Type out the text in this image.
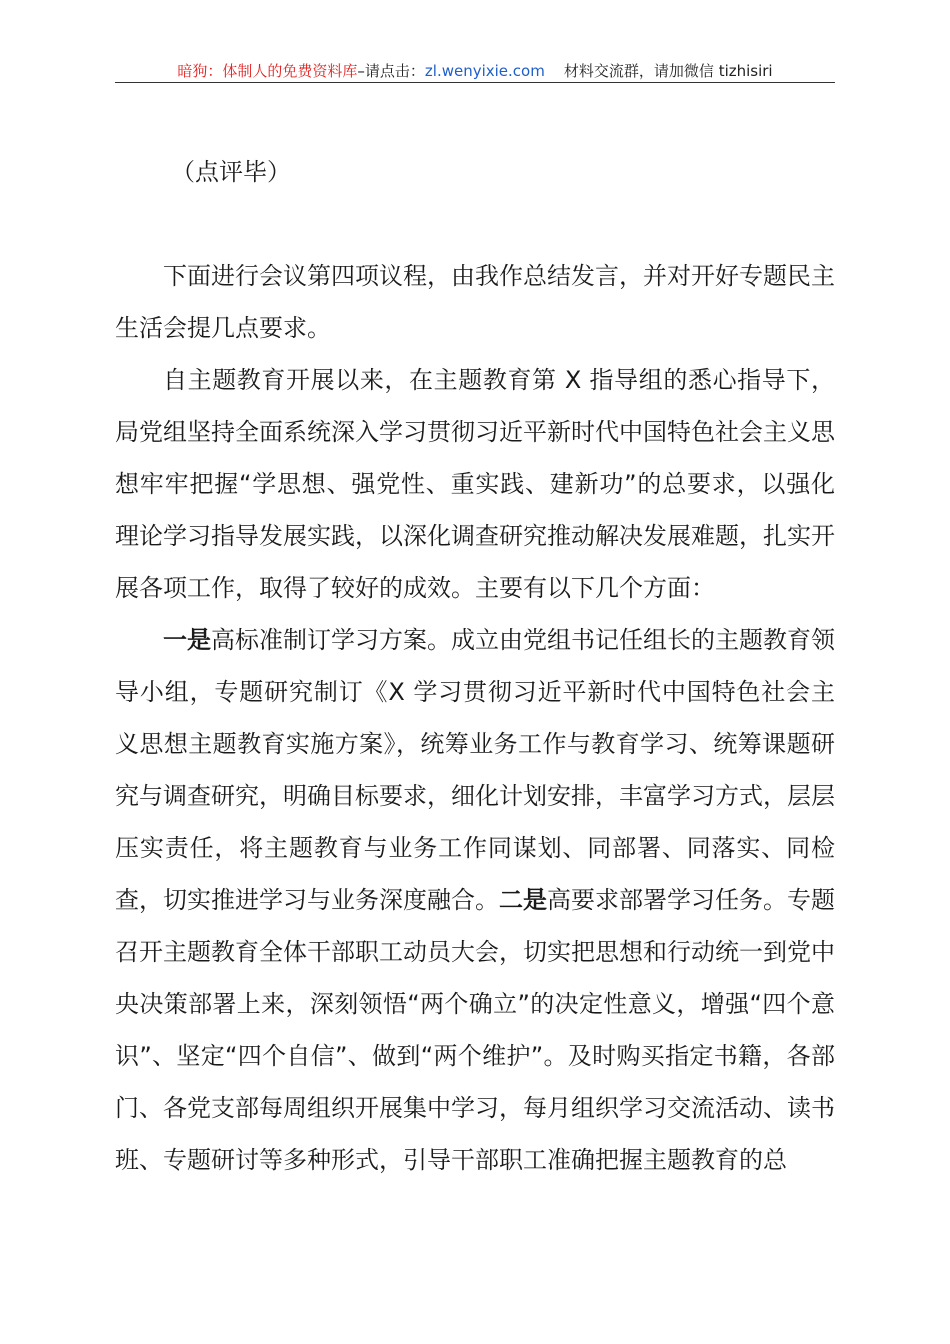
暗狗：体制人的免费资料库–请点击：zl.wenyixie.com 材料交流群，请加微信 tizhisiri

（点评毕）

下面进行会议第四项议程，由我作总结发言，并对开好专题民主生活会提几点要求。

自主题教育开展以来，在主题教育第 X 指导组的悉心指导下，局党组坚持全面系统深入学习贯彻习近平新时代中国特色社会主义思想牢牢把握“学思想、强党性、重实践、建新功”的总要求，以强化理论学习指导发展实践，以深化调查研究推动解决发展难题，扎实开展各项工作，取得了较好的成效。主要有以下几个方面：

一是高标准制订学习方案。成立由党组书记任组长的主题教育领导小组，专题研究制订《X 学习贯彻习近平新时代中国特色社会主义思想主题教育实施方案》，统筹业务工作与教育学习、统筹课题研究与调查研究，明确目标要求，细化计划安排，丰富学习方式，层层压实责任，将主题教育与业务工作同谋划、同部署、同落实、同检查，切实推进学习与业务深度融合。二是高要求部署学习任务。专题召开主题教育全体干部职工动员大会，切实把思想和行动统一到党中央决策部署上来，深刻领悟“两个确立”的决定性意义，增强“四个意识”、坚定“四个自信”、做到“两个维护”。及时购买指定书籍，各部门、各党支部每周组织开展集中学习，每月组织学习交流活动、读书班、专题研讨等多种形式，引导干部职工准确把握主题教育的总
